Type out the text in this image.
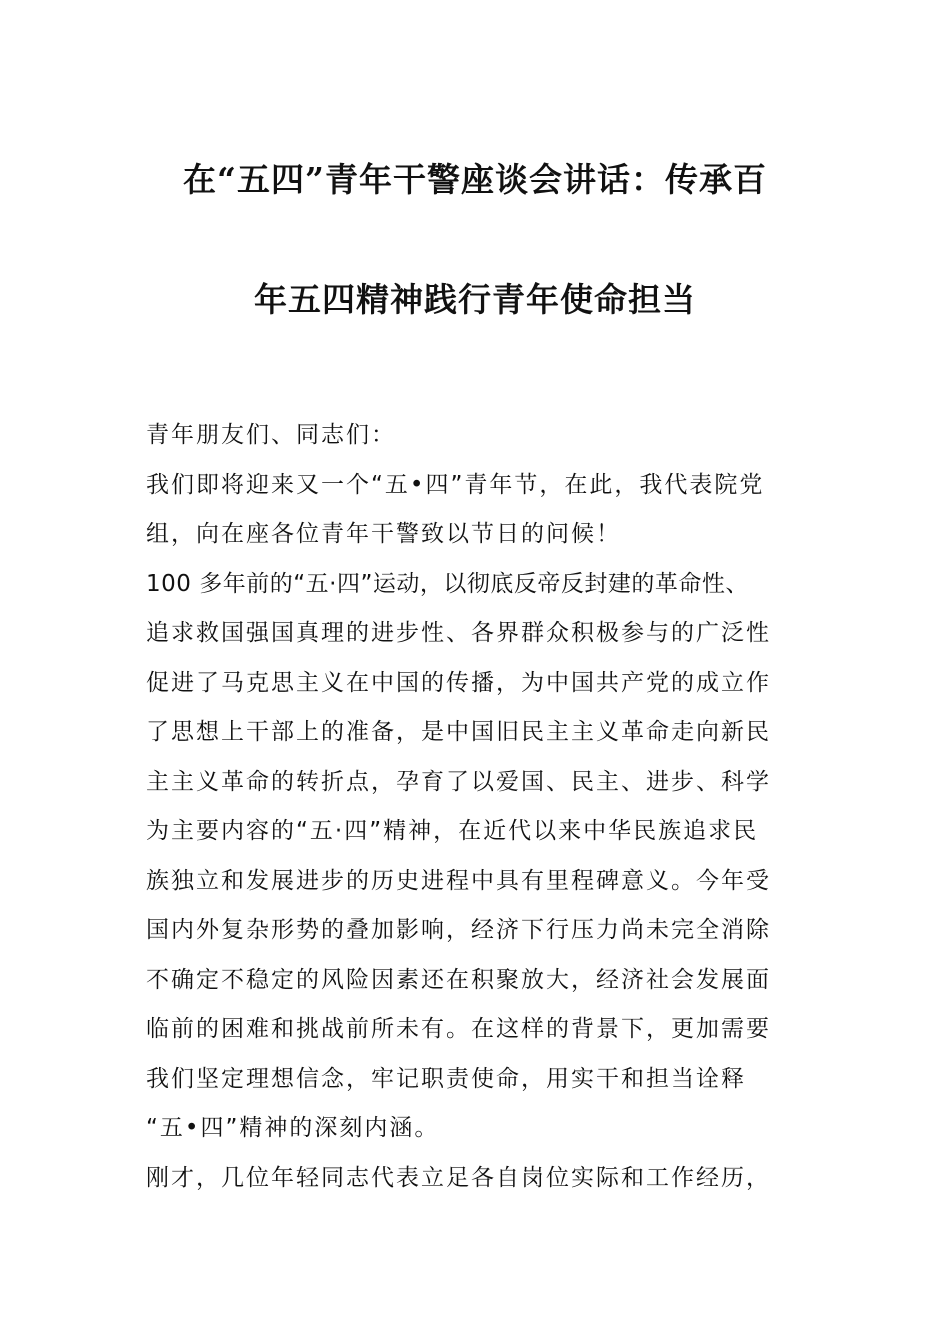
在“五四”青年干警座谈会讲话：传承百
年五四精神践行青年使命担当
青年朋友们、同志们：
我们即将迎来又一个“五•四”青年节，在此，我代表院党
组，向在座各位青年干警致以节日的问候！
100 多年前的“五·四”运动，以彻底反帝反封建的革命性、
追求救国强国真理的进步性、各界群众积极参与的广泛性
促进了马克思主义在中国的传播，为中国共产党的成立作
了思想上干部上的准备，是中国旧民主主义革命走向新民
主主义革命的转折点，孕育了以爱国、民主、进步、科学
为主要内容的“五·四”精神，在近代以来中华民族追求民
族独立和发展进步的历史进程中具有里程碑意义。今年受
国内外复杂形势的叠加影响，经济下行压力尚未完全消除
不确定不稳定的风险因素还在积聚放大，经济社会发展面
临前的困难和挑战前所未有。在这样的背景下，更加需要
我们坚定理想信念，牢记职责使命，用实干和担当诠释
“五•四”精神的深刻内涵。
刚才，几位年轻同志代表立足各自岗位实际和工作经历，
